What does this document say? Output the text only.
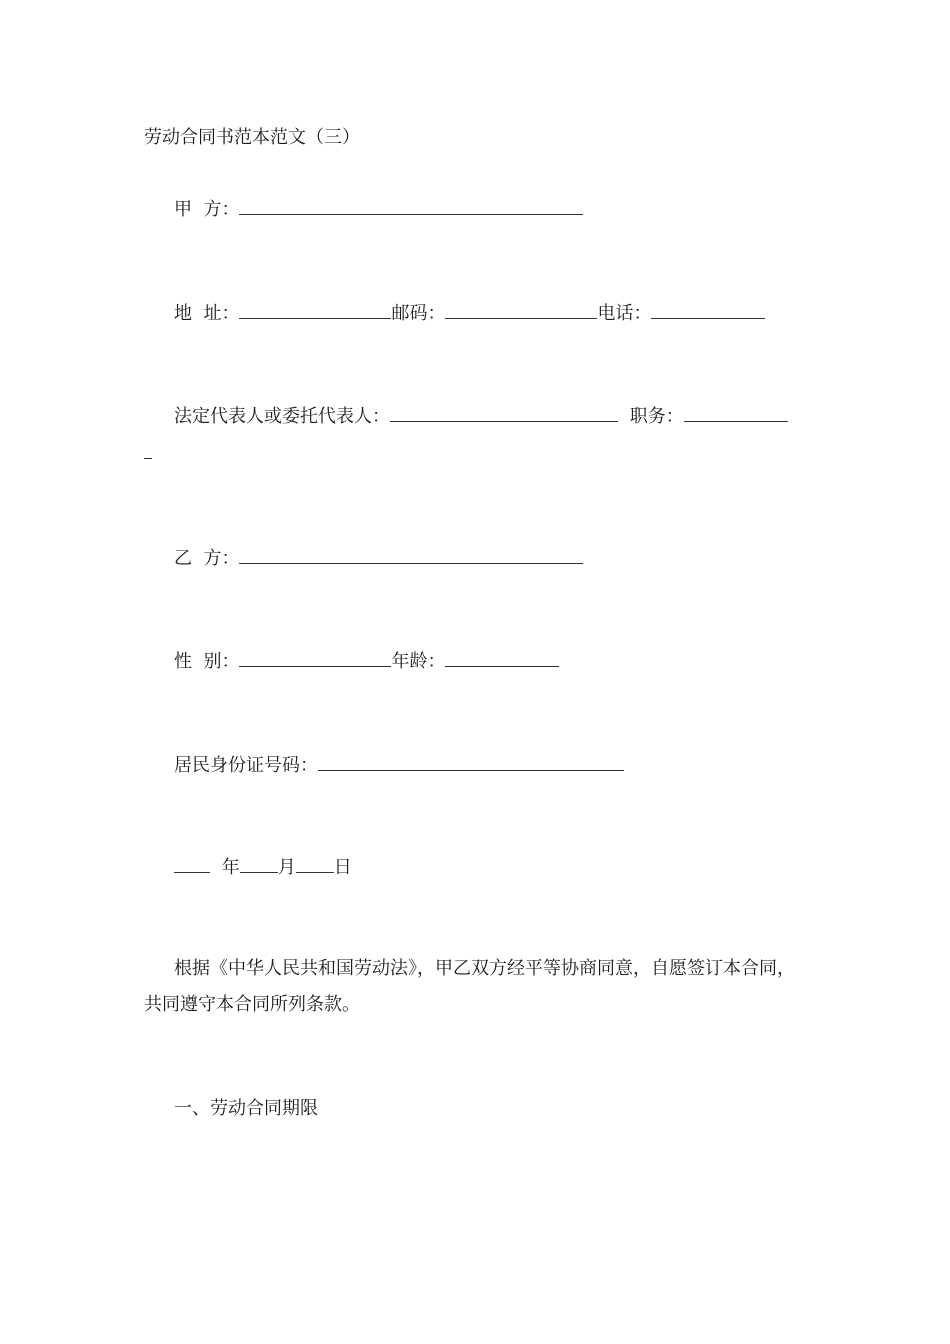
劳动合同书范本范文（三）
甲  方：
地  址：	邮码：	电话：
法定代表人或委托代表人：	职务：
乙  方：
性  别：	年龄：
居民身份证号码：
年 月 日
根据《中华人民共和国劳动法》，甲乙双方经平等协商同意，自愿签订本合同，共同遵守本合同所列条款。
一、劳动合同期限
